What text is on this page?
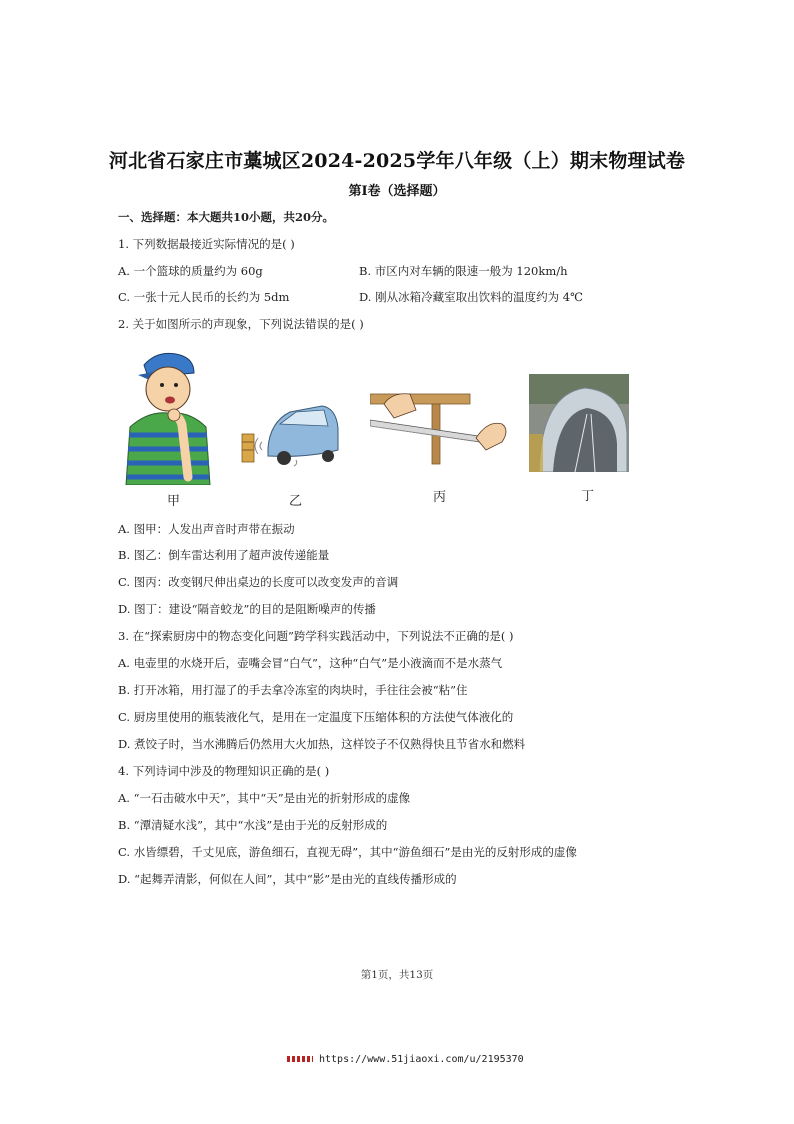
河北省石家庄市藁城区2024-2025学年八年级（上）期末物理试卷
第I卷（选择题）
一、选择题：本大题共10小题，共20分。
1. 下列数据最接近实际情况的是( )
A. 一个篮球的质量约为 60g	B. 市区内对车辆的限速一般为 120km/h
C. 一张十元人民币的长约为 5dm	D. 刚从冰箱冷藏室取出饮料的温度约为 4℃
2. 关于如图所示的声现象，下列说法错误的是( )
甲	乙	丙	丁
A. 图甲：人发出声音时声带在振动
B. 图乙：倒车雷达利用了超声波传递能量
C. 图丙：改变钢尺伸出桌边的长度可以改变发声的音调
D. 图丁：建设“隔音蛟龙”的目的是阻断噪声的传播
3. 在“探索厨房中的物态变化问题”跨学科实践活动中，下列说法不正确的是( )
A. 电壶里的水烧开后，壶嘴会冒“白气”，这种“白气”是小液滴而不是水蒸气
B. 打开冰箱，用打湿了的手去拿冷冻室的肉块时，手往往会被“粘”住
C. 厨房里使用的瓶装液化气，是用在一定温度下压缩体积的方法使气体液化的
D. 煮饺子时，当水沸腾后仍然用大火加热，这样饺子不仅熟得快且节省水和燃料
4. 下列诗词中涉及的物理知识正确的是( )
A. “一石击破水中天”，其中“天”是由光的折射形成的虚像
B. “潭清疑水浅”，其中“水浅”是由于光的反射形成的
C. 水皆缥碧，千丈见底，游鱼细石，直视无碍”，其中“游鱼细石”是由光的反射形成的虚像
D. “起舞弄清影，何似在人间”，其中“影”是由光的直线传播形成的
第1页，共13页
https://www.51jiaoxi.com/u/2195370
